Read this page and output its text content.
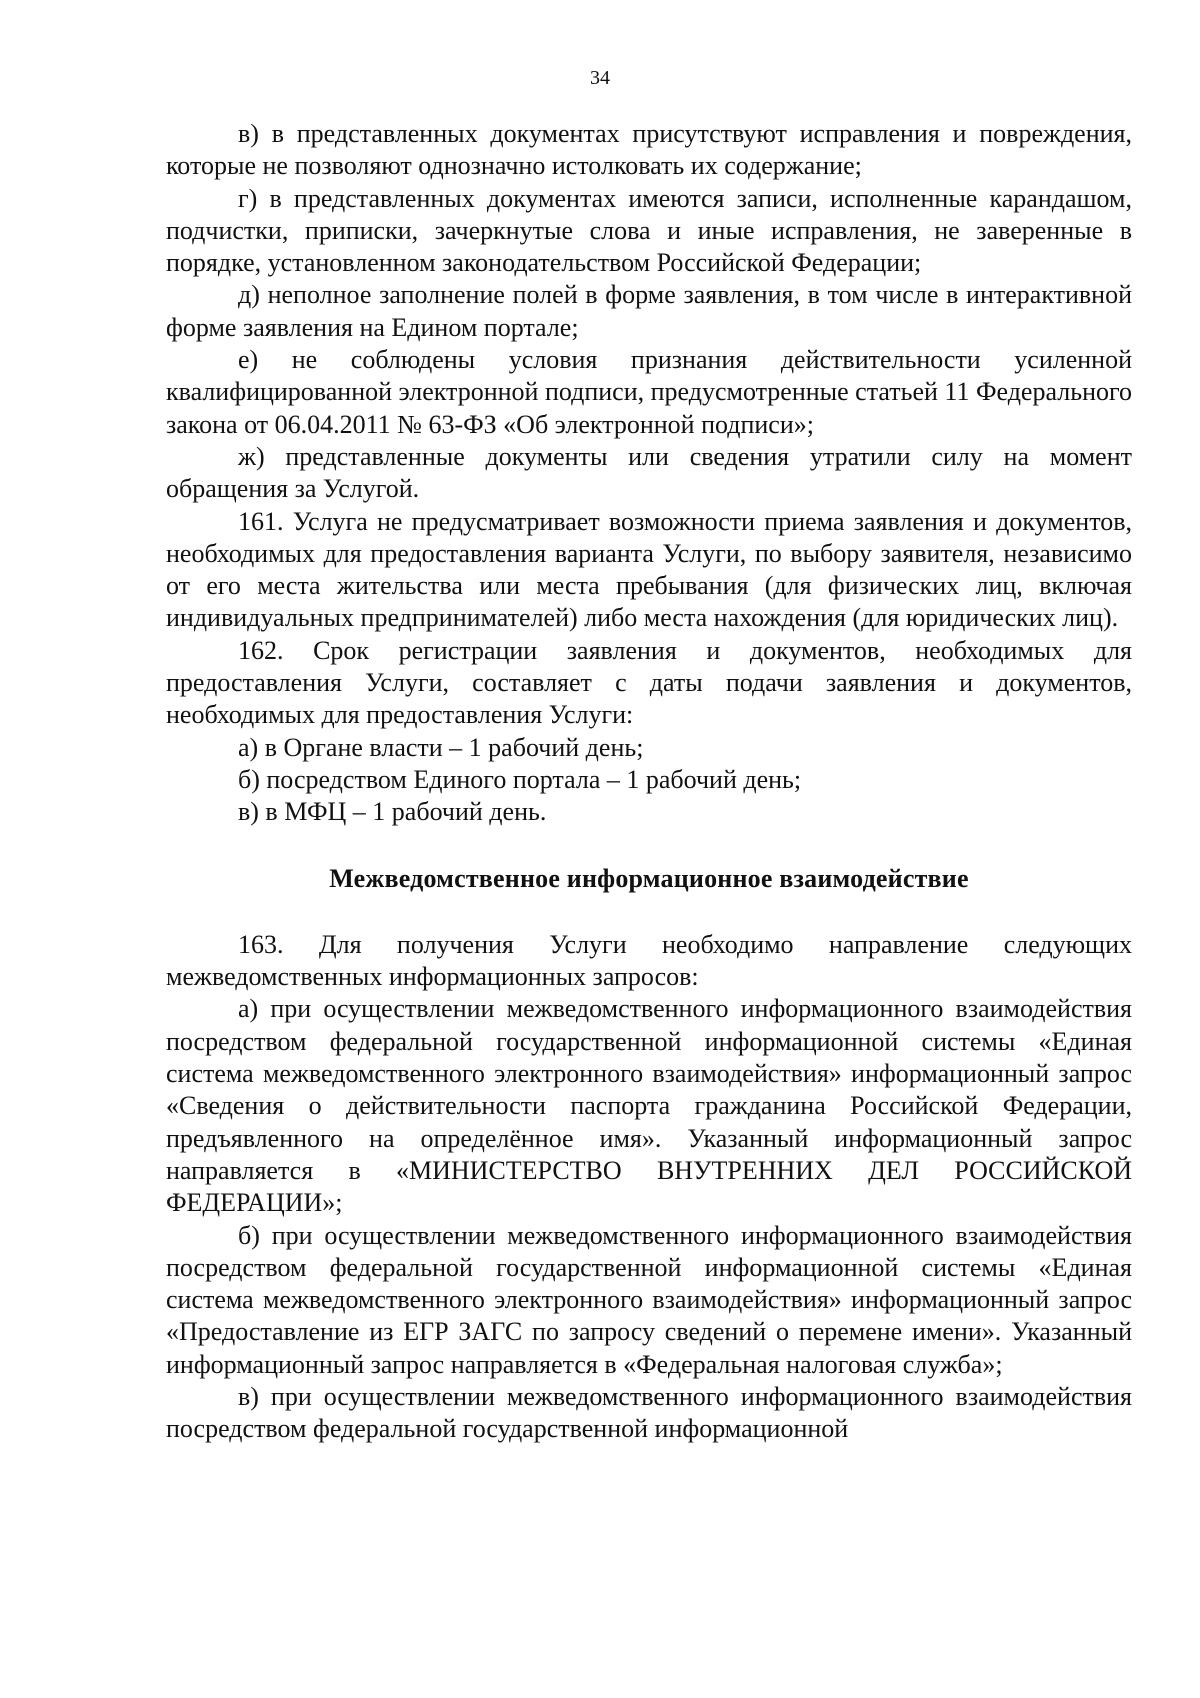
34

в) в представленных документах присутствуют исправления и повреждения, которые не позволяют однозначно истолковать их содержание;

г) в представленных документах имеются записи, исполненные карандашом, подчистки, приписки, зачеркнутые слова и иные исправления, не заверенные в порядке, установленном законодательством Российской Федерации;

д) неполное заполнение полей в форме заявления, в том числе в интерактивной форме заявления на Едином портале;

е) не соблюдены условия признания действительности усиленной квалифицированной электронной подписи, предусмотренные статьей 11 Федерального закона от 06.04.2011 № 63-ФЗ «Об электронной подписи»;

ж) представленные документы или сведения утратили силу на момент обращения за Услугой.

161. Услуга не предусматривает возможности приема заявления и документов, необходимых для предоставления варианта Услуги, по выбору заявителя, независимо от его места жительства или места пребывания (для физических лиц, включая индивидуальных предпринимателей) либо места нахождения (для юридических лиц).

162. Срок регистрации заявления и документов, необходимых для предоставления Услуги, составляет с даты подачи заявления и документов, необходимых для предоставления Услуги:

а) в Органе власти – 1 рабочий день;

б) посредством Единого портала – 1 рабочий день;

в) в МФЦ – 1 рабочий день.

Межведомственное информационное взаимодействие

163. Для получения Услуги необходимо направление следующих межведомственных информационных запросов:

а) при осуществлении межведомственного информационного взаимодействия посредством федеральной государственной информационной системы «Единая система межведомственного электронного взаимодействия» информационный запрос «Сведения о действительности паспорта гражданина Российской Федерации, предъявленного на определённое имя». Указанный информационный запрос направляется в «МИНИСТЕРСТВО ВНУТРЕННИХ ДЕЛ РОССИЙСКОЙ ФЕДЕРАЦИИ»;

б) при осуществлении межведомственного информационного взаимодействия посредством федеральной государственной информационной системы «Единая система межведомственного электронного взаимодействия» информационный запрос «Предоставление из ЕГР ЗАГС по запросу сведений о перемене имени». Указанный информационный запрос направляется в «Федеральная налоговая служба»;

в) при осуществлении межведомственного информационного взаимодействия посредством федеральной государственной информационной
